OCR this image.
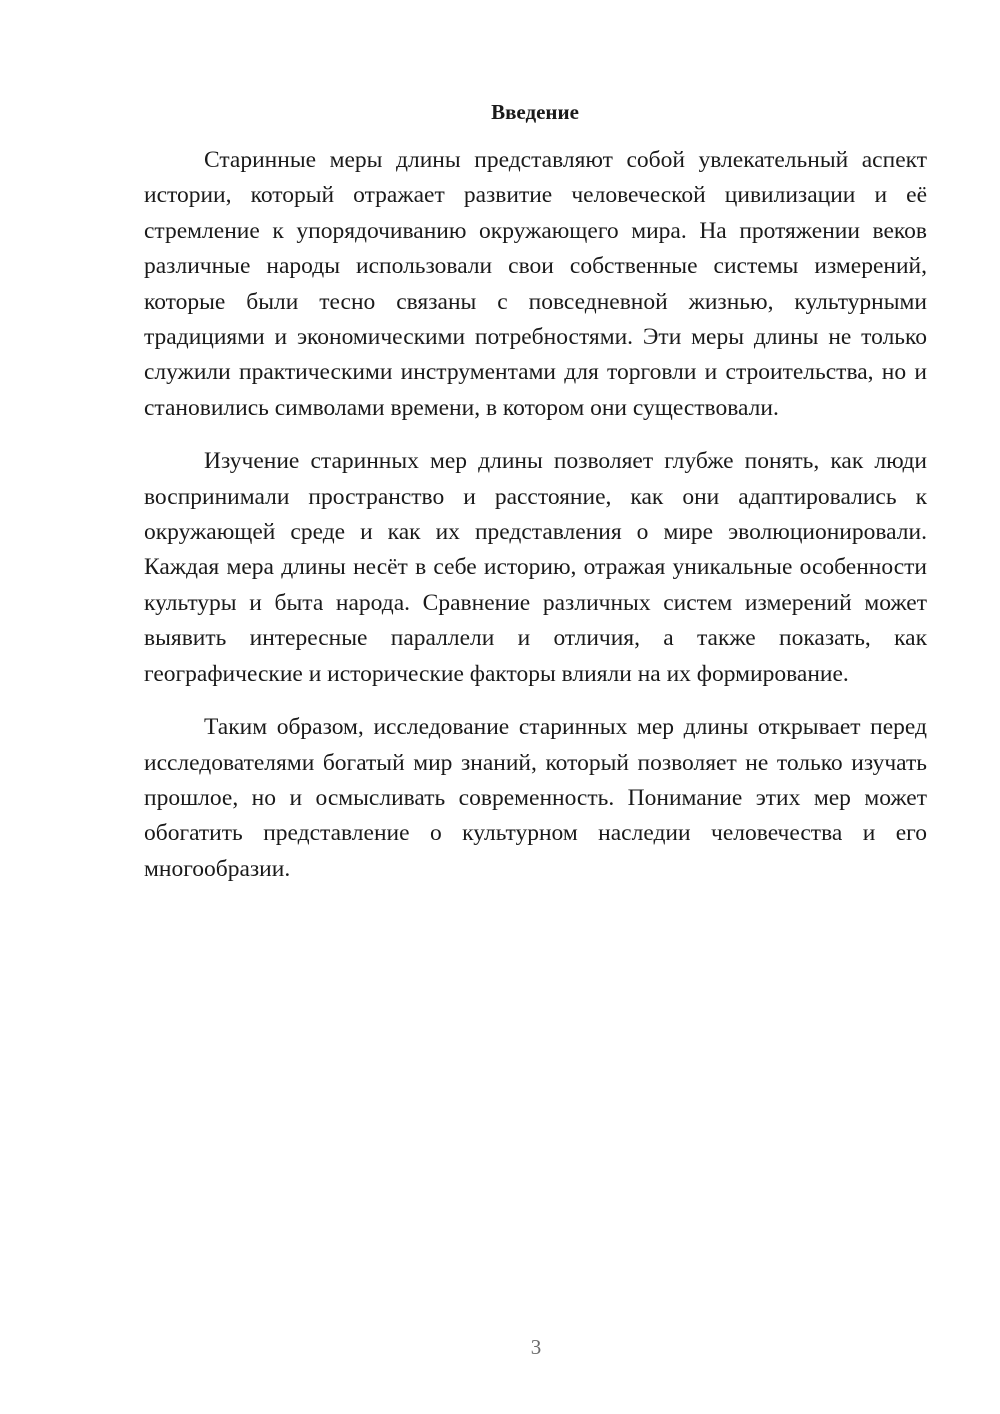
Введение

Старинные меры длины представляют собой увлекательный аспект истории, который отражает развитие человеческой цивилизации и её стремление к упорядочиванию окружающего мира. На протяжении веков различные народы использовали свои собственные системы измерений, которые были тесно связаны с повседневной жизнью, культурными традициями и экономическими потребностями. Эти меры длины не только служили практическими инструментами для торговли и строительства, но и становились символами времени, в котором они существовали.

Изучение старинных мер длины позволяет глубже понять, как люди воспринимали пространство и расстояние, как они адаптировались к окружающей среде и как их представления о мире эволюционировали. Каждая мера длины несёт в себе историю, отражая уникальные особенности культуры и быта народа. Сравнение различных систем измерений может выявить интересные параллели и отличия, а также показать, как географические и исторические факторы влияли на их формирование.

Таким образом, исследование старинных мер длины открывает перед исследователями богатый мир знаний, который позволяет не только изучать прошлое, но и осмысливать современность. Понимание этих мер может обогатить представление о культурном наследии человечества и его многообразии.

3
